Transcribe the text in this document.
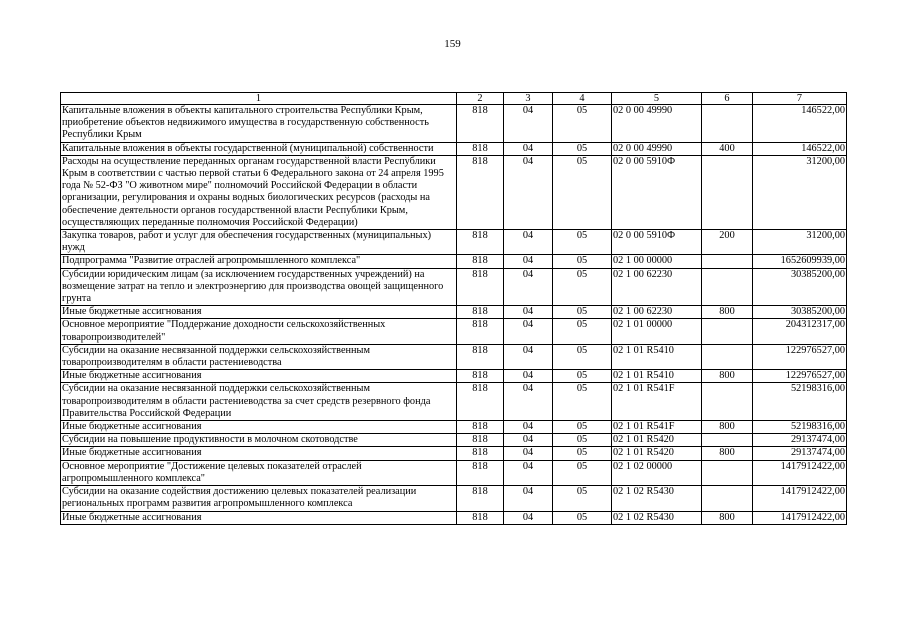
159
1	2	3	4	5	6	7
Капитальные вложения в объекты капитального строительства Республики Крым, приобретение объектов недвижимого имущества в государственную собственность Республики Крым	818	04	05	02 0 00 49990		146522,00
Капитальные вложения в объекты государственной (муниципальной) собственности	818	04	05	02 0 00 49990	400	146522,00
Расходы на осуществление переданных органам государственной власти Республики Крым в соответствии с частью первой статьи 6 Федерального закона от 24 апреля 1995 года № 52-ФЗ "О животном мире" полномочий Российской Федерации в области организации, регулирования и охраны водных биологических ресурсов (расходы на обеспечение деятельности органов государственной власти Республики Крым, осуществляющих переданные полномочия Российской Федерации)	818	04	05	02 0 00 5910Ф		31200,00
Закупка товаров, работ и услуг для обеспечения государственных (муниципальных) нужд	818	04	05	02 0 00 5910Ф	200	31200,00
Подпрограмма "Развитие отраслей агропромышленного комплекса"	818	04	05	02 1 00 00000		1652609939,00
Субсидии юридическим лицам (за исключением государственных учреждений) на возмещение затрат на тепло и электроэнергию для производства овощей защищенного грунта	818	04	05	02 1 00 62230		30385200,00
Иные бюджетные ассигнования	818	04	05	02 1 00 62230	800	30385200,00
Основное мероприятие "Поддержание доходности сельскохозяйственных товаропроизводителей"	818	04	05	02 1 01 00000		204312317,00
Субсидии на оказание несвязанной поддержки сельскохозяйственным товаропроизводителям в области растениеводства	818	04	05	02 1 01 R5410		122976527,00
Иные бюджетные ассигнования	818	04	05	02 1 01 R5410	800	122976527,00
Субсидии на оказание несвязанной поддержки сельскохозяйственным товаропроизводителям в области растениеводства за счет средств резервного фонда Правительства Российской Федерации	818	04	05	02 1 01 R541F		52198316,00
Иные бюджетные ассигнования	818	04	05	02 1 01 R541F	800	52198316,00
Субсидии на повышение продуктивности в молочном скотоводстве	818	04	05	02 1 01 R5420		29137474,00
Иные бюджетные ассигнования	818	04	05	02 1 01 R5420	800	29137474,00
Основное мероприятие "Достижение целевых показателей отраслей агропромышленного комплекса"	818	04	05	02 1 02 00000		1417912422,00
Субсидии на оказание содействия достижению целевых показателей реализации региональных программ развития агропромышленного комплекса	818	04	05	02 1 02 R5430		1417912422,00
Иные бюджетные ассигнования	818	04	05	02 1 02 R5430	800	1417912422,00
